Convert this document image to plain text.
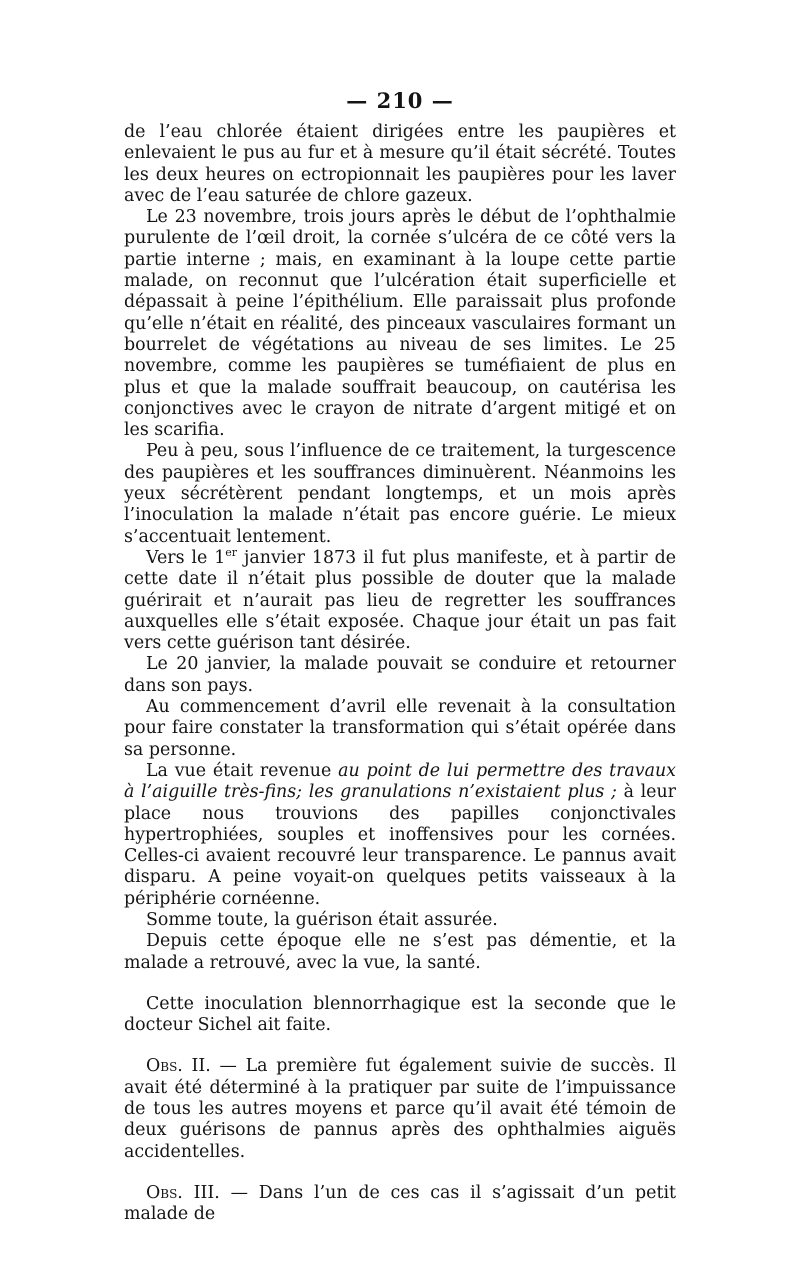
— 210 —

de l’eau chlorée étaient dirigées entre les paupières et enlevaient le pus au fur et à mesure qu’il était sécrété. Toutes les deux heures on ectropionnait les paupières pour les laver avec de l’eau saturée de chlore gazeux.

Le 23 novembre, trois jours après le début de l’ophthalmie purulente de l’œil droit, la cornée s’ulcéra de ce côté vers la partie interne ; mais, en examinant à la loupe cette partie malade, on reconnut que l’ulcération était superficielle et dépassait à peine l’épithélium. Elle paraissait plus profonde qu’elle n’était en réalité, des pinceaux vasculaires formant un bourrelet de végétations au niveau de ses limites. Le 25 novembre, comme les paupières se tuméfiaient de plus en plus et que la malade souffrait beaucoup, on cautérisa les conjonctives avec le crayon de nitrate d’argent mitigé et on les scarifia.

Peu à peu, sous l’influence de ce traitement, la turgescence des paupières et les souffrances diminuèrent. Néanmoins les yeux sécrétèrent pendant longtemps, et un mois après l’inoculation la malade n’était pas encore guérie. Le mieux s’accentuait lentement.

Vers le 1er janvier 1873 il fut plus manifeste, et à partir de cette date il n’était plus possible de douter que la malade guérirait et n’aurait pas lieu de regretter les souffrances auxquelles elle s’était exposée. Chaque jour était un pas fait vers cette guérison tant désirée.

Le 20 janvier, la malade pouvait se conduire et retourner dans son pays.

Au commencement d’avril elle revenait à la consultation pour faire constater la transformation qui s’était opérée dans sa personne.

La vue était revenue au point de lui permettre des travaux à l’aiguille très-fins; les granulations n’existaient plus ; à leur place nous trouvions des papilles conjonctivales hypertrophiées, souples et inoffensives pour les cornées. Celles-ci avaient recouvré leur transparence. Le pannus avait disparu. A peine voyait-on quelques petits vaisseaux à la périphérie cornéenne.

Somme toute, la guérison était assurée.

Depuis cette époque elle ne s’est pas démentie, et la malade a retrouvé, avec la vue, la santé.

Cette inoculation blennorrhagique est la seconde que le docteur Sichel ait faite.

Obs. II. — La première fut également suivie de succès. Il avait été déterminé à la pratiquer par suite de l’impuissance de tous les autres moyens et parce qu’il avait été témoin de deux guérisons de pannus après des ophthalmies aiguës accidentelles.

Obs. III. — Dans l’un de ces cas il s’agissait d’un petit malade de
